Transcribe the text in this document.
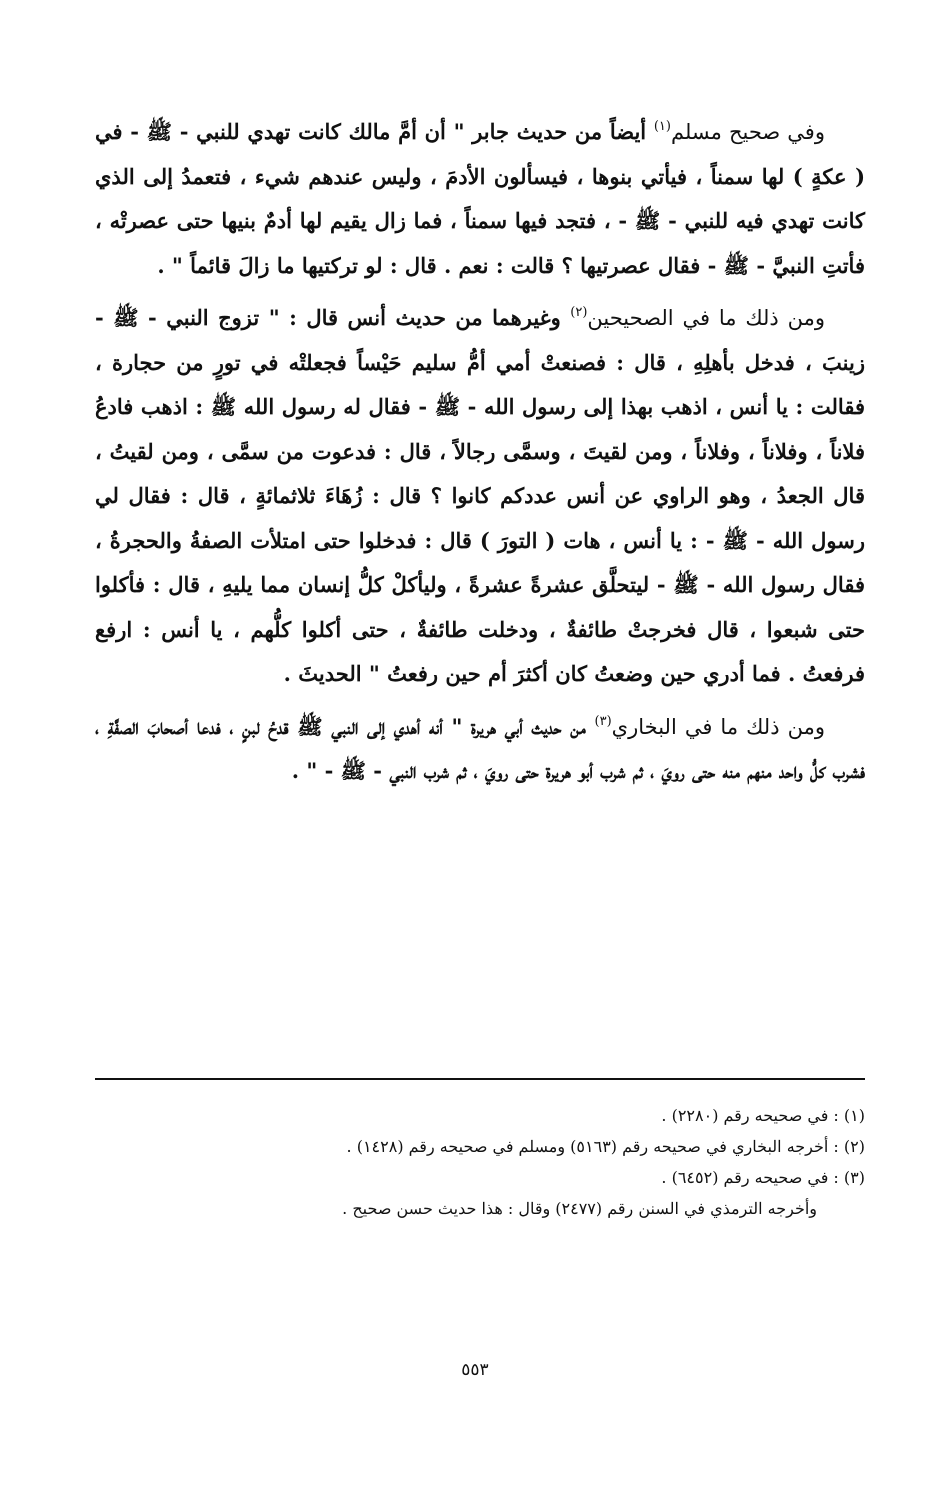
وفي صحيح مسلم$^{(١)}$ أيضاً من حديث جابر " أن أمَّ مالك كانت تهدي للنبي - ﷺ - في ( عكةٍ ) لها سمناً ، فيأتي بنوها ، فيسألون الأدمَ ، وليس عندهم شيء ، فتعمدُ إلى الذي كانت تهدي فيه للنبي - ﷺ - ، فتجد فيها سمناً ، فما زال يقيم لها أدمٌ بنيها حتى عصرتْه ، فأتتِ النبيَّ - ﷺ - فقال عصرتيها ؟ قالت : نعم . قال : لو تركتيها ما زالَ قائماً " .

ومن ذلك ما في الصحيحين$^{(٢)}$ وغيرهما من حديث أنس قال : " تزوج النبي - ﷺ - زينبَ ، فدخل بأهلِهِ ، قال : فصنعتْ أمي أمُّ سليم حَيْساً فجعلتْه في تورٍ من حجارة ، فقالت : يا أنس ، اذهب بهذا إلى رسول الله - ﷺ - فقال له رسول الله ﷺ : اذهب فادعُ فلاناً ، وفلاناً ، وفلاناً ، ومن لقيتَ ، وسمَّى رجالاً ، قال : فدعوت من سمَّى ، ومن لقيتُ ، قال الجعدُ ، وهو الراوي عن أنس عددكم كانوا ؟ قال : زُهَاءَ ثلاثمائةٍ ، قال : فقال لي رسول الله - ﷺ - : يا أنس ، هات ( التورَ ) قال : فدخلوا حتى امتلأت الصفةُ والحجرةُ ، فقال رسول الله - ﷺ - ليتحلَّق عشرةً عشرةً ، وليأكلْ كلُّ إنسان مما يليهِ ، قال : فأكلوا حتى شبعوا ، قال فخرجتْ طائفةٌ ، ودخلت طائفةٌ ، حتى أكلوا كلُّهم ، يا أنس : ارفع فرفعتُ . فما أدري حين وضعتُ كان أكثرَ أم حين رفعتُ " الحديثَ .

ومن ذلك ما في البخاري$^{(٣)}$ من حديث أبي هريرة " أنه أهدي إلى النبي ﷺ قدحُ لبنٍ ، فدعا أصحابَ الصفَّةِ ، فشرب كلُّ واحد منهم منه حتى رويَ ، ثم شرب أبو هريرة حتى رويَ ، ثم شرب النبي - ﷺ - " .

(١) : في صحيحه رقم (٢٢٨٠) .
(٢) : أخرجه البخاري في صحيحه رقم (٥١٦٣) ومسلم في صحيحه رقم (١٤٢٨) .
(٣) : في صحيحه رقم (٦٤٥٢) .
وأخرجه الترمذي في السنن رقم (٢٤٧٧) وقال : هذا حديث حسن صحيح .
٥٥٣
